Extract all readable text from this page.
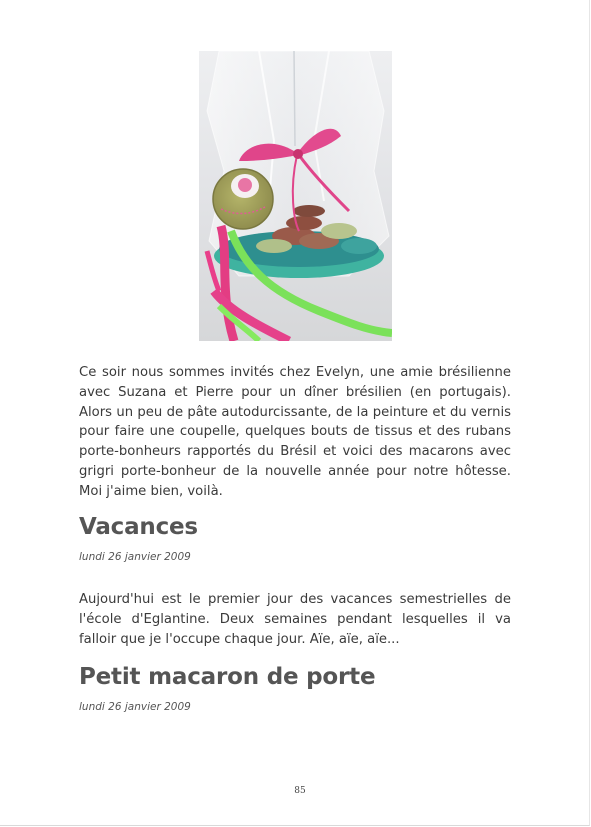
Ce soir nous sommes invités chez Evelyn, une amie brésilienne avec Suzana et Pierre pour un dîner brésilien (en portugais). Alors un peu de pâte autodurcissante, de la peinture et du vernis pour faire une coupelle, quelques bouts de tissus et des rubans porte-bonheurs rapportés du Brésil et voici des macarons avec grigri porte-bonheur de la nouvelle année pour notre hôtesse. Moi j'aime bien, voilà.

Vacances

lundi 26 janvier 2009

Aujourd'hui est le premier jour des vacances semestrielles de l'école d'Eglantine. Deux semaines pendant lesquelles il va falloir que je l'occupe chaque jour. Aïe, aïe, aïe...

Petit macaron de porte

lundi 26 janvier 2009

85
